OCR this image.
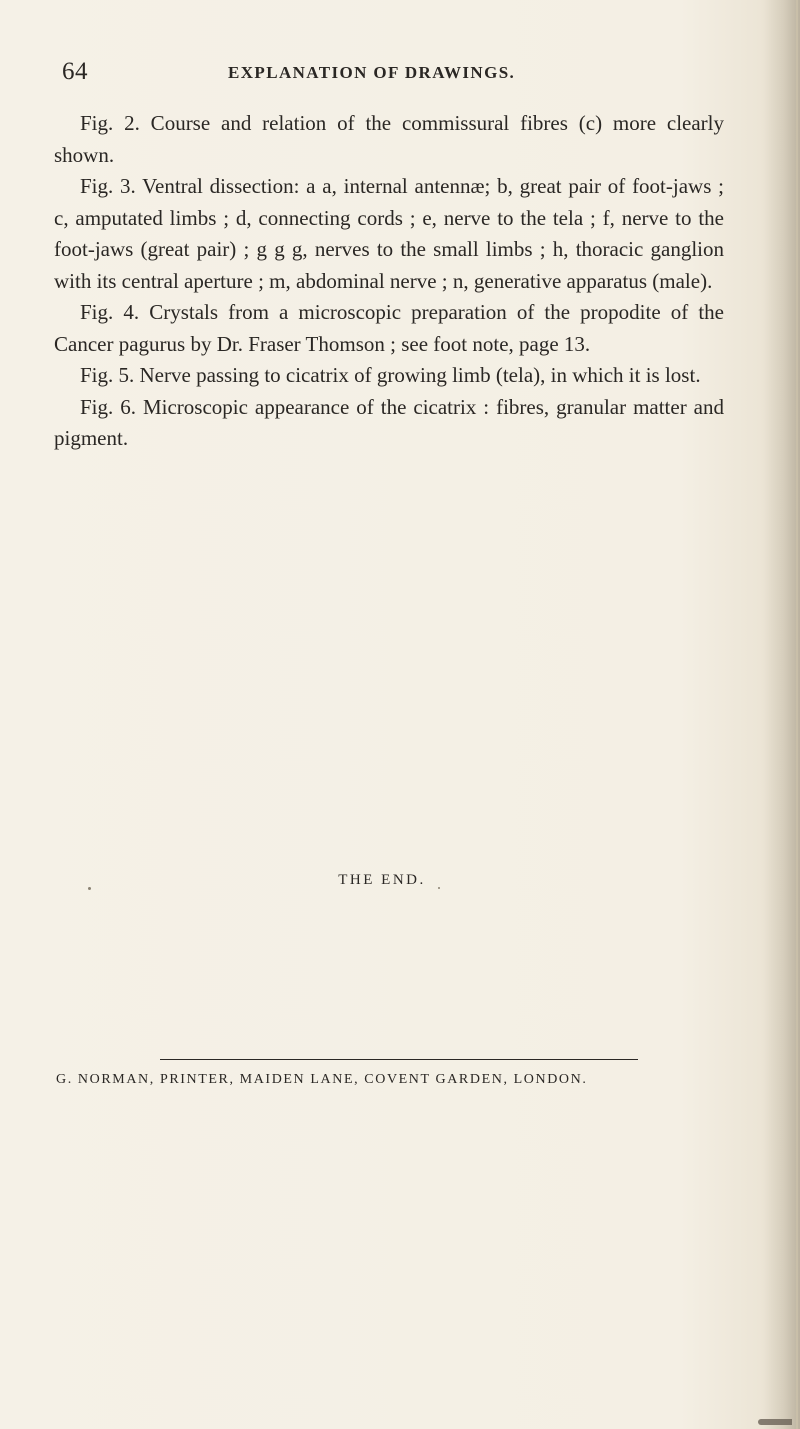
64	EXPLANATION OF DRAWINGS.

Fig. 2. Course and relation of the commissural fibres (c) more clearly shown.

Fig. 3. Ventral dissection: a a, internal antennæ; b, great pair of foot-jaws ; c, amputated limbs ; d, connecting cords ; e, nerve to the tela ; f, nerve to the foot-jaws (great pair) ; g g g, nerves to the small limbs ; h, thoracic ganglion with its central aperture ; m, abdominal nerve ; n, generative apparatus (male).

Fig. 4. Crystals from a microscopic preparation of the propodite of the Cancer pagurus by Dr. Fraser Thomson ; see foot note, page 13.

Fig. 5. Nerve passing to cicatrix of growing limb (tela), in which it is lost.

Fig. 6. Microscopic appearance of the cicatrix : fibres, granular matter and pigment.

THE END.
G. NORMAN, PRINTER, MAIDEN LANE, COVENT GARDEN, LONDON.
